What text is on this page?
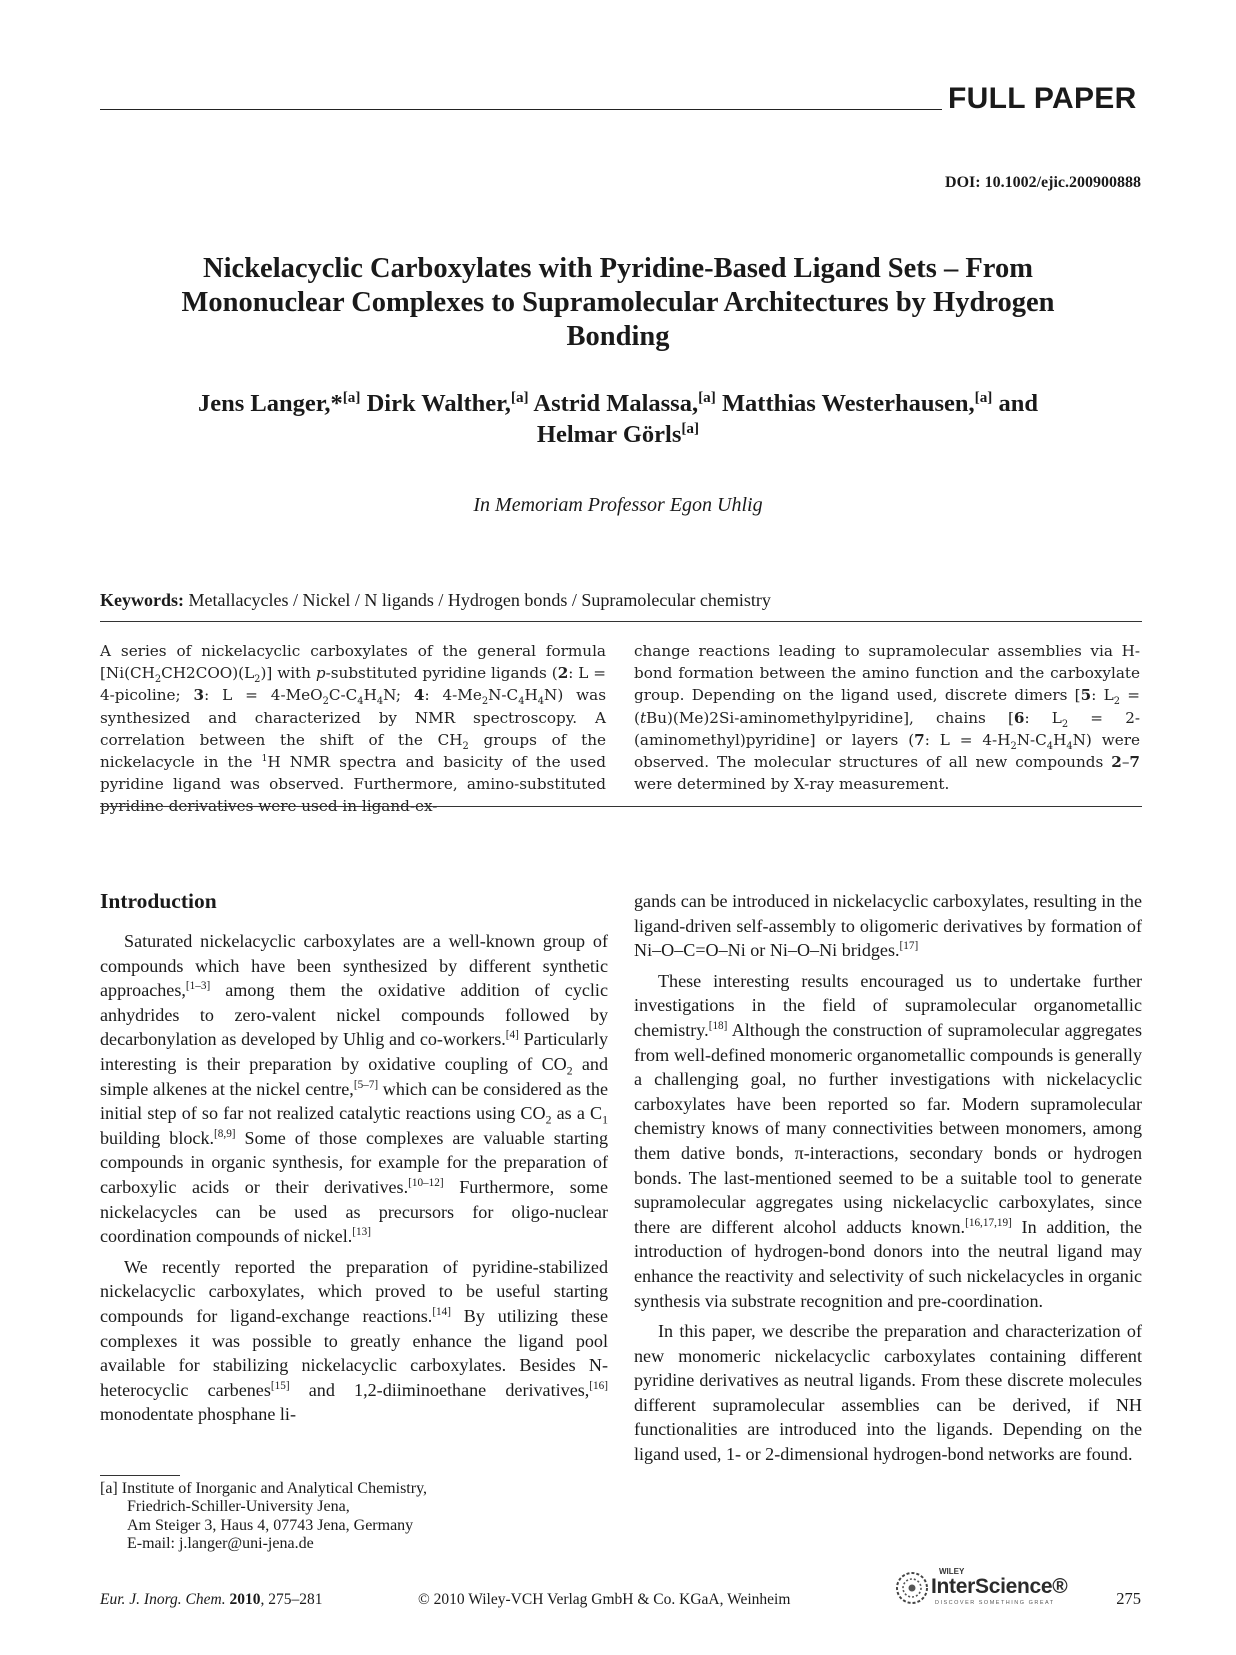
FULL PAPER
DOI: 10.1002/ejic.200900888
Nickelacyclic Carboxylates with Pyridine-Based Ligand Sets – From Mononuclear Complexes to Supramolecular Architectures by Hydrogen Bonding
Jens Langer,*[a] Dirk Walther,[a] Astrid Malassa,[a] Matthias Westerhausen,[a] and
Helmar Görls[a]
In Memoriam Professor Egon Uhlig
Keywords: Metallacycles / Nickel / N ligands / Hydrogen bonds / Supramolecular chemistry
A series of nickelacyclic carboxylates of the general formula $[Ni(CH_2CH2COO)(L_2)]$ with p-substituted pyridine ligands (2: L = 4-picoline; 3: $L = 4-MeO_2C-C_4H_4N$; 4: $4-Me_2N-C_4H_4N$) was synthesized and characterized by NMR spectroscopy. A correlation between the shift of the $CH_2$ groups of the nickelacycle in the $^1$H NMR spectra and basicity of the used pyridine ligand was observed. Furthermore, amino-substituted pyridine derivatives were used in ligand-ex-
change reactions leading to supramolecular assemblies via H-bond formation between the amino function and the carboxylate group. Depending on the ligand used, discrete dimers [5: $L_2$ = (tBu)(Me)2Si-aminomethylpyridine], chains [6: $L_2$ = 2-(aminomethyl)pyridine] or layers (7: $L = 4-H_2N-C_4H_4N$) were observed. The molecular structures of all new compounds 2–7 were determined by X-ray measurement.
Introduction

Saturated nickelacyclic carboxylates are a well-known group of compounds which have been synthesized by different synthetic approaches,[1–3] among them the oxidative addition of cyclic anhydrides to zero-valent nickel compounds followed by decarbonylation as developed by Uhlig and co-workers.[4] Particularly interesting is their preparation by oxidative coupling of $CO_2$ and simple alkenes at the nickel centre,[5–7] which can be considered as the initial step of so far not realized catalytic reactions using $CO_2$ as a $C_1$ building block.[8,9] Some of those complexes are valuable starting compounds in organic synthesis, for example for the preparation of carboxylic acids or their derivatives.[10–12] Furthermore, some nickelacycles can be used as precursors for oligo-nuclear coordination compounds of nickel.[13]

We recently reported the preparation of pyridine-stabilized nickelacyclic carboxylates, which proved to be useful starting compounds for ligand-exchange reactions.[14] By utilizing these complexes it was possible to greatly enhance the ligand pool available for stabilizing nickelacyclic carboxylates. Besides N-heterocyclic carbenes[15] and 1,2-diiminoethane derivatives,[16] monodentate phosphane li-

gands can be introduced in nickelacyclic carboxylates, resulting in the ligand-driven self-assembly to oligomeric derivatives by formation of Ni–O–C=O–Ni or Ni–O–Ni bridges.[17]

These interesting results encouraged us to undertake further investigations in the field of supramolecular organometallic chemistry.[18] Although the construction of supramolecular aggregates from well-defined monomeric organometallic compounds is generally a challenging goal, no further investigations with nickelacyclic carboxylates have been reported so far. Modern supramolecular chemistry knows of many connectivities between monomers, among them dative bonds, π-interactions, secondary bonds or hydrogen bonds. The last-mentioned seemed to be a suitable tool to generate supramolecular aggregates using nickelacyclic carboxylates, since there are different alcohol adducts known.[16,17,19] In addition, the introduction of hydrogen-bond donors into the neutral ligand may enhance the reactivity and selectivity of such nickelacycles in organic synthesis via substrate recognition and pre-coordination.

In this paper, we describe the preparation and characterization of new monomeric nickelacyclic carboxylates containing different pyridine derivatives as neutral ligands. From these discrete molecules different supramolecular assemblies can be derived, if NH functionalities are introduced into the ligands. Depending on the ligand used, 1- or 2-dimensional hydrogen-bond networks are found.

[a] Institute of Inorganic and Analytical Chemistry,
Friedrich-Schiller-University Jena,
Am Steiger 3, Haus 4, 07743 Jena, Germany
E-mail: j.langer@uni-jena.de
Eur. J. Inorg. Chem. 2010, 275–281	© 2010 Wiley-VCH Verlag GmbH & Co. KGaA, Weinheim
WILEY
InterScience®
DISCOVER SOMETHING GREAT	275
